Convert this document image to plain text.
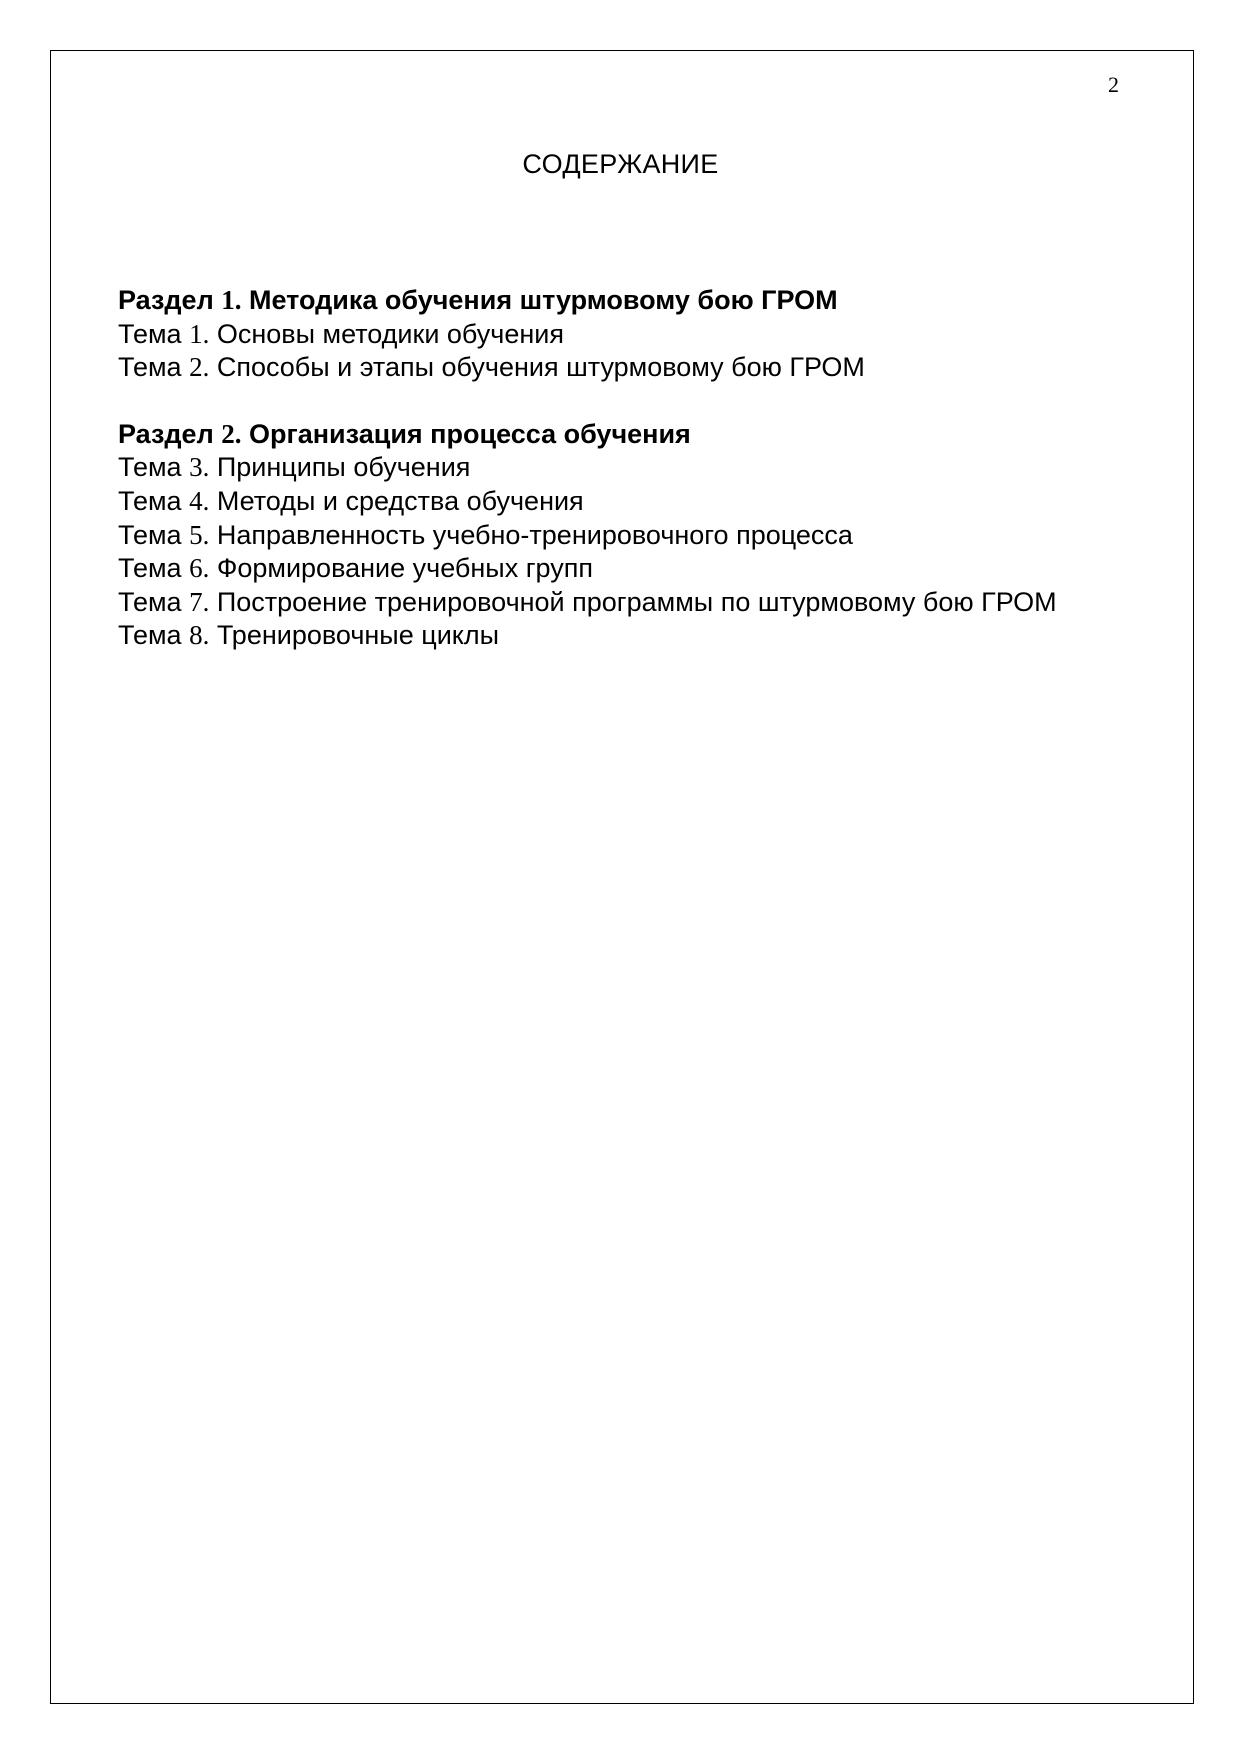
2
СОДЕРЖАНИЕ
Раздел 1. Методика обучения штурмовому бою ГРОМ
Тема 1. Основы методики обучения
Тема 2. Способы и этапы обучения штурмовому бою ГРОМ
Раздел 2. Организация процесса обучения
Тема 3. Принципы обучения
Тема 4. Методы и средства обучения
Тема 5. Направленность учебно-тренировочного процесса
Тема 6. Формирование учебных групп
Тема 7. Построение тренировочной программы по штурмовому бою ГРОМ
Тема 8. Тренировочные циклы
